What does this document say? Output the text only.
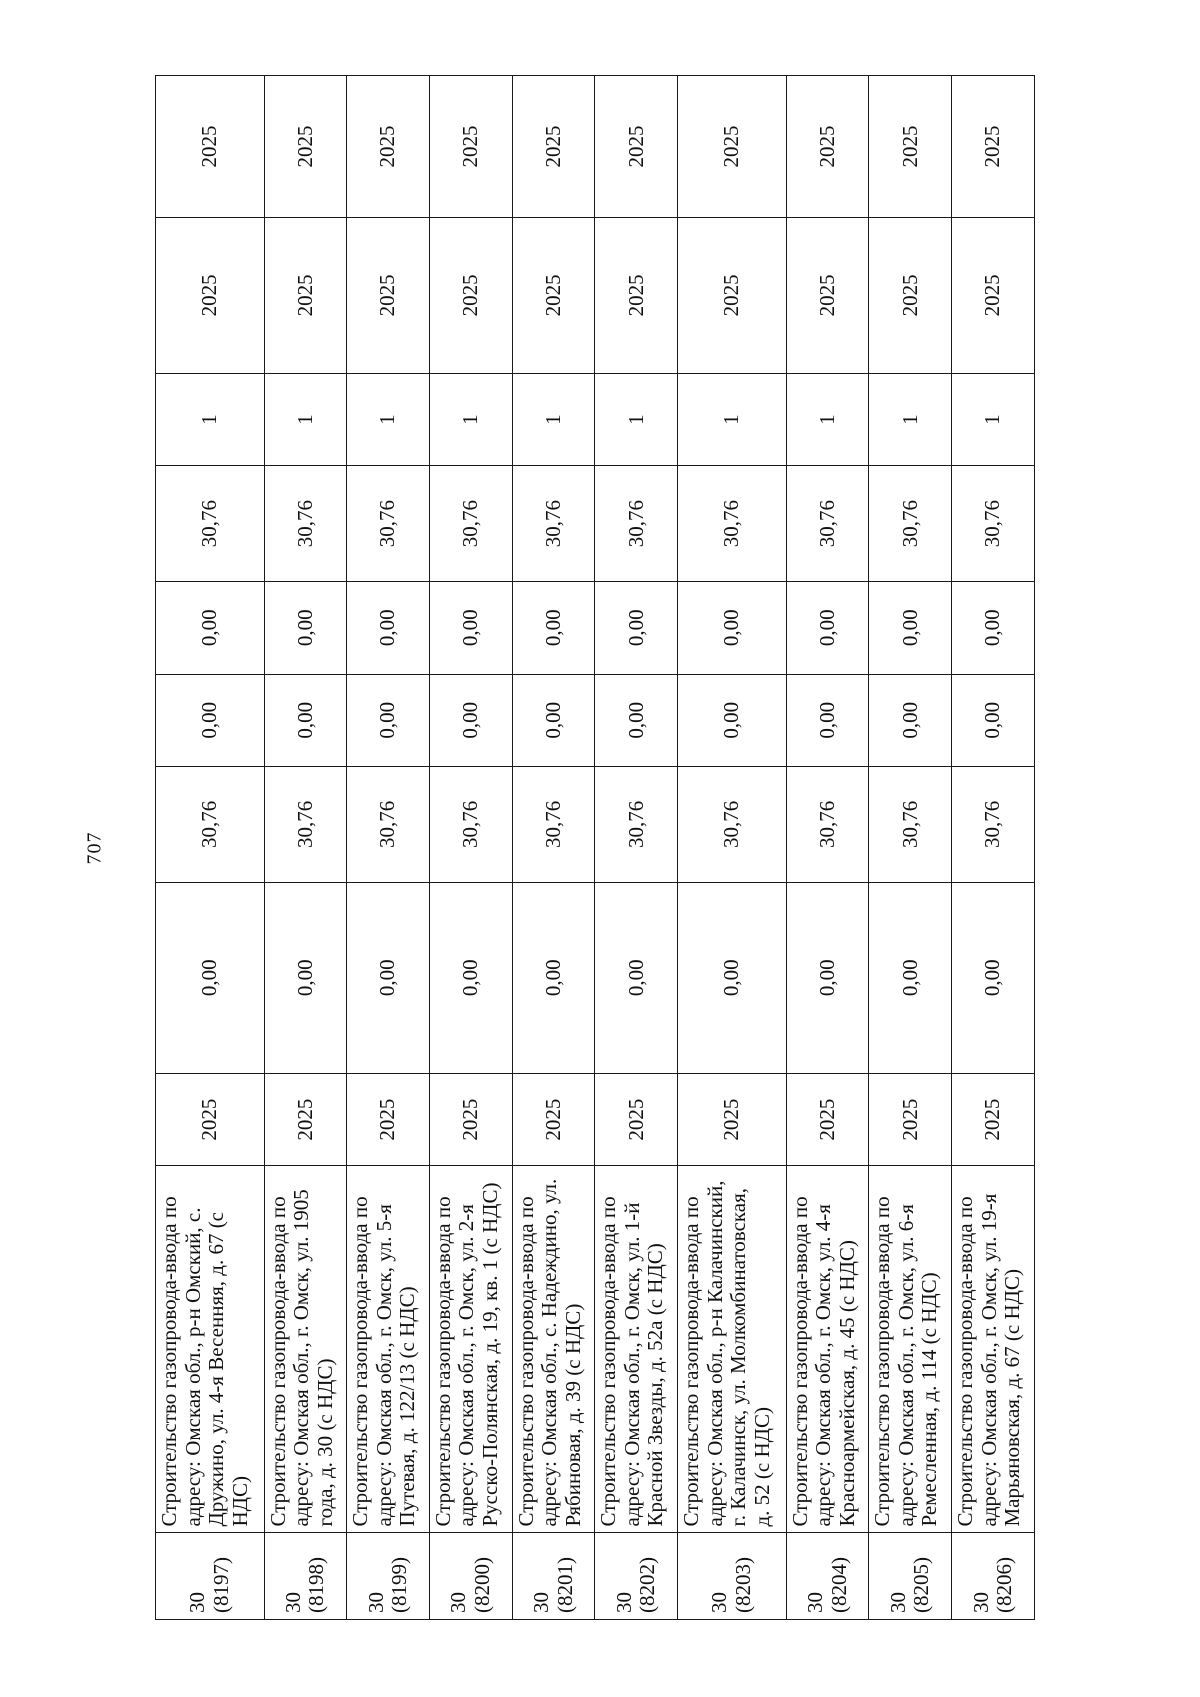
707
30
(8197)	Строительство газопровода-ввода по адресу: Омская обл., р-н Омский, с. Дружино, ул. 4-я Весенняя, д. 67 (с НДС)	2025	0,00	30,76	0,00	0,00	30,76	1	2025	2025
30
(8198)	Строительство газопровода-ввода по адресу: Омская обл., г. Омск, ул. 1905 года, д. 30 (с НДС)	2025	0,00	30,76	0,00	0,00	30,76	1	2025	2025
30
(8199)	Строительство газопровода-ввода по адресу: Омская обл., г. Омск, ул. 5-я Путевая, д. 122/13 (с НДС)	2025	0,00	30,76	0,00	0,00	30,76	1	2025	2025
30
(8200)	Строительство газопровода-ввода по адресу: Омская обл., г. Омск, ул. 2-я Русско-Полянская, д. 19, кв. 1 (с НДС)	2025	0,00	30,76	0,00	0,00	30,76	1	2025	2025
30
(8201)	Строительство газопровода-ввода по адресу: Омская обл., с. Надеждино, ул. Рябиновая, д. 39 (с НДС)	2025	0,00	30,76	0,00	0,00	30,76	1	2025	2025
30
(8202)	Строительство газопровода-ввода по адресу: Омская обл., г. Омск, ул. 1-й Красной Звезды, д. 52а (с НДС)	2025	0,00	30,76	0,00	0,00	30,76	1	2025	2025
30
(8203)	Строительство газопровода-ввода по адресу: Омская обл., р-н Калачинский, г. Калачинск, ул. Молкомбинатовская, д. 52 (с НДС)	2025	0,00	30,76	0,00	0,00	30,76	1	2025	2025
30
(8204)	Строительство газопровода-ввода по адресу: Омская обл., г. Омск, ул. 4-я Красноармейская, д. 45 (с НДС)	2025	0,00	30,76	0,00	0,00	30,76	1	2025	2025
30
(8205)	Строительство газопровода-ввода по адресу: Омская обл., г. Омск, ул. 6-я Ремесленная, д. 114 (с НДС)	2025	0,00	30,76	0,00	0,00	30,76	1	2025	2025
30
(8206)	Строительство газопровода-ввода по адресу: Омская обл., г. Омск, ул. 19-я Марьяновская, д. 67 (с НДС)	2025	0,00	30,76	0,00	0,00	30,76	1	2025	2025
